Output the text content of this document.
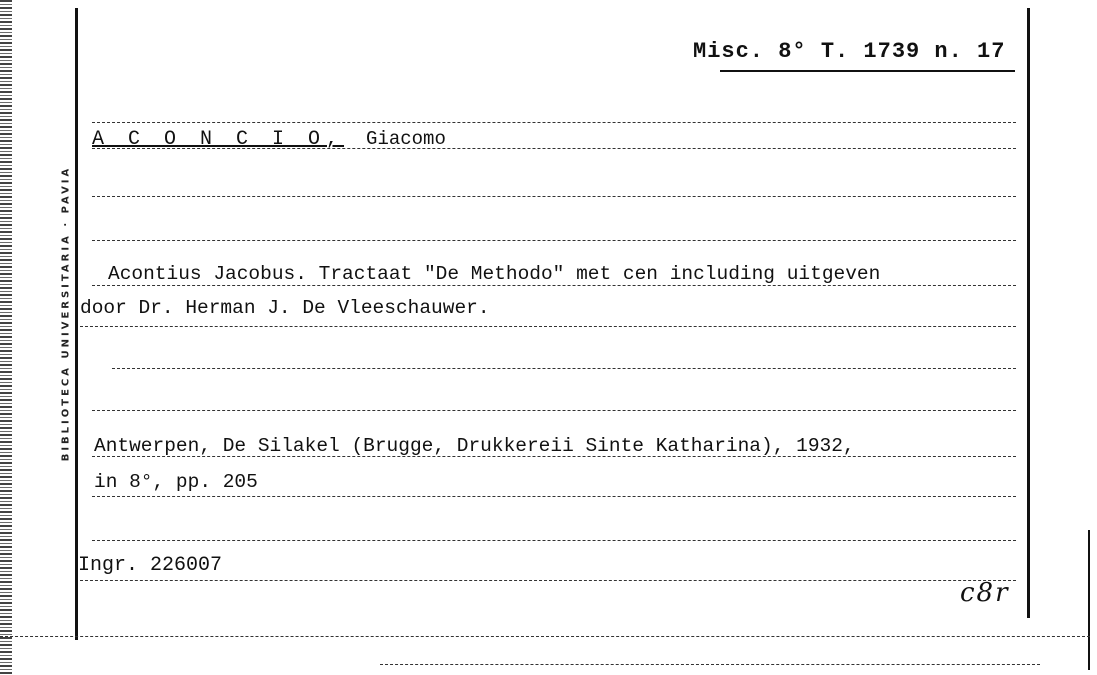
BIBLIOTECA UNIVERSITARIA · PAVIA
Misc. 8° T. 1739 n. 17
A C O N C I O, Giacomo
Acontius Jacobus. Tractaat "De Methodo" met cen including uitgeven
door Dr. Herman J. De Vleeschauwer.
Antwerpen, De Silakel (Brugge, Drukkereii Sinte Katharina), 1932,
in 8°, pp. 205
Ingr. 226007
c8r
